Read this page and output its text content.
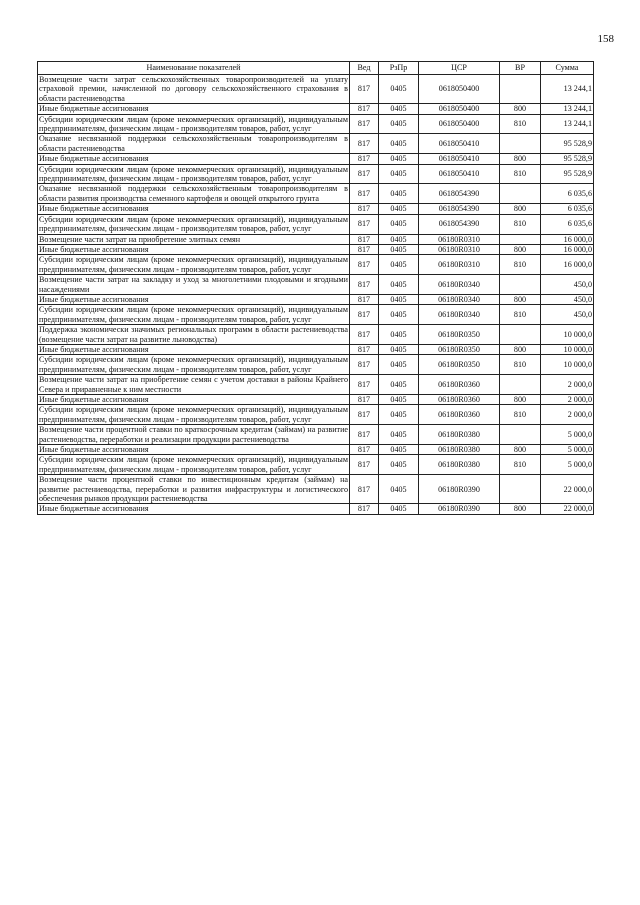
158
Наименование показателей	Вед	РзПр	ЦСР	ВР	Сумма
Возмещение части затрат сельскохозяйственных товаропроизводителей на уплату страховой премии, начисленной по договору сельскохозяйственного страхования в области растениеводства	817	0405	0618050400		13 244,1
Иные бюджетные ассигнования	817	0405	0618050400	800	13 244,1
Субсидии юридическим лицам (кроме некоммерческих организаций), индивидуальным предпринимателям, физическим лицам - производителям товаров, работ, услуг	817	0405	0618050400	810	13 244,1
Оказание несвязанной поддержки сельскохозяйственным товаропроизводителям в области растениеводства	817	0405	0618050410		95 528,9
Иные бюджетные ассигнования	817	0405	0618050410	800	95 528,9
Субсидии юридическим лицам (кроме некоммерческих организаций), индивидуальным предпринимателям, физическим лицам - производителям товаров, работ, услуг	817	0405	0618050410	810	95 528,9
Оказание несвязанной поддержки сельскохозяйственным товаропроизводителям в области развития производства семенного картофеля и овощей открытого грунта	817	0405	0618054390		6 035,6
Иные бюджетные ассигнования	817	0405	0618054390	800	6 035,6
Субсидии юридическим лицам (кроме некоммерческих организаций), индивидуальным предпринимателям, физическим лицам - производителям товаров, работ, услуг	817	0405	0618054390	810	6 035,6
Возмещение части затрат на приобретение элитных семян	817	0405	06180R0310		16 000,0
Иные бюджетные ассигнования	817	0405	06180R0310	800	16 000,0
Субсидии юридическим лицам (кроме некоммерческих организаций), индивидуальным предпринимателям, физическим лицам - производителям товаров, работ, услуг	817	0405	06180R0310	810	16 000,0
Возмещение части затрат на закладку и уход за многолетними плодовыми и ягодными насаждениями	817	0405	06180R0340		450,0
Иные бюджетные ассигнования	817	0405	06180R0340	800	450,0
Субсидии юридическим лицам (кроме некоммерческих организаций), индивидуальным предпринимателям, физическим лицам - производителям товаров, работ, услуг	817	0405	06180R0340	810	450,0
Поддержка экономически значимых региональных программ в области растениеводства (возмещение части затрат на развитие льноводства)	817	0405	06180R0350		10 000,0
Иные бюджетные ассигнования	817	0405	06180R0350	800	10 000,0
Субсидии юридическим лицам (кроме некоммерческих организаций), индивидуальным предпринимателям, физическим лицам - производителям товаров, работ, услуг	817	0405	06180R0350	810	10 000,0
Возмещение части затрат на приобретение семян с учетом доставки в районы Крайнего Севера и приравненные к ним местности	817	0405	06180R0360		2 000,0
Иные бюджетные ассигнования	817	0405	06180R0360	800	2 000,0
Субсидии юридическим лицам (кроме некоммерческих организаций), индивидуальным предпринимателям, физическим лицам - производителям товаров, работ, услуг	817	0405	06180R0360	810	2 000,0
Возмещение части процентной ставки по краткосрочным кредитам (займам) на развитие растениеводства, переработки и реализации продукции растениеводства	817	0405	06180R0380		5 000,0
Иные бюджетные ассигнования	817	0405	06180R0380	800	5 000,0
Субсидии юридическим лицам (кроме некоммерческих организаций), индивидуальным предпринимателям, физическим лицам - производителям товаров, работ, услуг	817	0405	06180R0380	810	5 000,0
Возмещение части процентной ставки по инвестиционным кредитам (займам) на развитие растениеводства, переработки и развития инфраструктуры и логистического обеспечения рынков продукции растениеводства	817	0405	06180R0390		22 000,0
Иные бюджетные ассигнования	817	0405	06180R0390	800	22 000,0
